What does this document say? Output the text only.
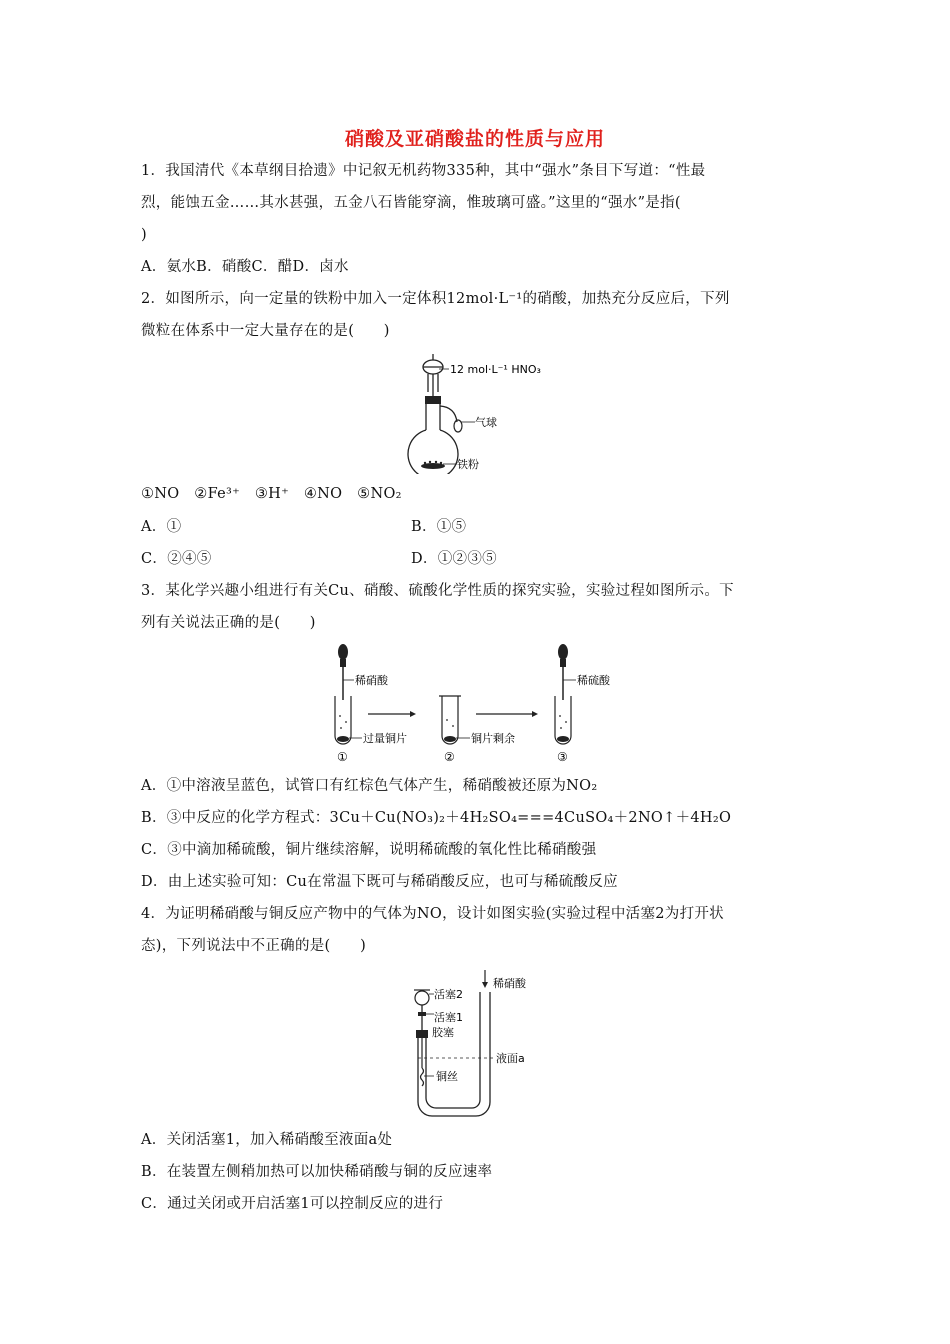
硝酸及亚硝酸盐的性质与应用
1．我国清代《本草纲目拾遗》中记叙无机药物335种，其中“强水”条目下写道：“性最
烈，能蚀五金……其水甚强，五金八石皆能穿滴，惟玻璃可盛。”这里的“强水”是指(
)
A．氨水B．硝酸C．醋D．卤水
2．如图所示，向一定量的铁粉中加入一定体积12mol·L⁻¹的硝酸，加热充分反应后，下列
微粒在体系中一定大量存在的是(　　)
12 mol·L⁻¹ HNO₃
气球
铁粉
①NO　②Fe³⁺　③H⁺　④NO　⑤NO₂
A．①	B．①⑤
C．②④⑤	D．①②③⑤
3．某化学兴趣小组进行有关Cu、硝酸、硫酸化学性质的探究实验，实验过程如图所示。下
列有关说法正确的是(　　)
稀硝酸
过量铜片
①
铜片剩余
②
稀硫酸
③
A．①中溶液呈蓝色，试管口有红棕色气体产生，稀硝酸被还原为NO₂
B．③中反应的化学方程式：3Cu＋Cu(NO₃)₂＋4H₂SO₄===4CuSO₄＋2NO↑＋4H₂O
C．③中滴加稀硫酸，铜片继续溶解，说明稀硫酸的氧化性比稀硝酸强
D．由上述实验可知：Cu在常温下既可与稀硝酸反应，也可与稀硫酸反应
4．为证明稀硝酸与铜反应产物中的气体为NO，设计如图实验(实验过程中活塞2为打开状
态)，下列说法中不正确的是(　　)
稀硝酸
活塞2
活塞1
胶塞
液面a
铜丝
A．关闭活塞1，加入稀硝酸至液面a处
B．在装置左侧稍加热可以加快稀硝酸与铜的反应速率
C．通过关闭或开启活塞1可以控制反应的进行
